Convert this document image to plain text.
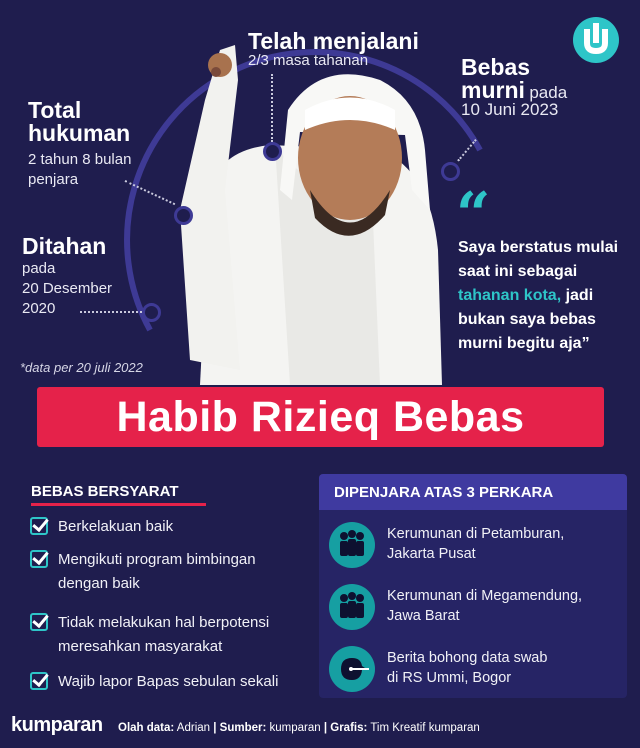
Total
hukuman
2 tahun 8 bulan
penjara
Ditahan
pada
20 Desember
2020
Telah menjalani
2/3 masa tahanan	Bebas
murni pada
10 Juni 2023
“
Saya berstatus mulai saat ini sebagai tahanan kota, jadi bukan saya bebas murni begitu aja”
*data per 20 juli 2022
Habib Rizieq Bebas
BEBAS BERSYARAT
Berkelakuan baik
Mengikuti program bimbingan dengan baik
Tidak melakukan hal berpotensi meresahkan masyarakat
Wajib lapor Bapas sebulan sekali
DIPENJARA ATAS 3 PERKARA
Kerumunan di Petamburan,
Jakarta Pusat
Kerumunan di Megamendung,
Jawa Barat
Berita bohong data swab
di RS Ummi, Bogor
kumparan Olah data: Adrian | Sumber: kumparan | Grafis: Tim Kreatif kumparan
